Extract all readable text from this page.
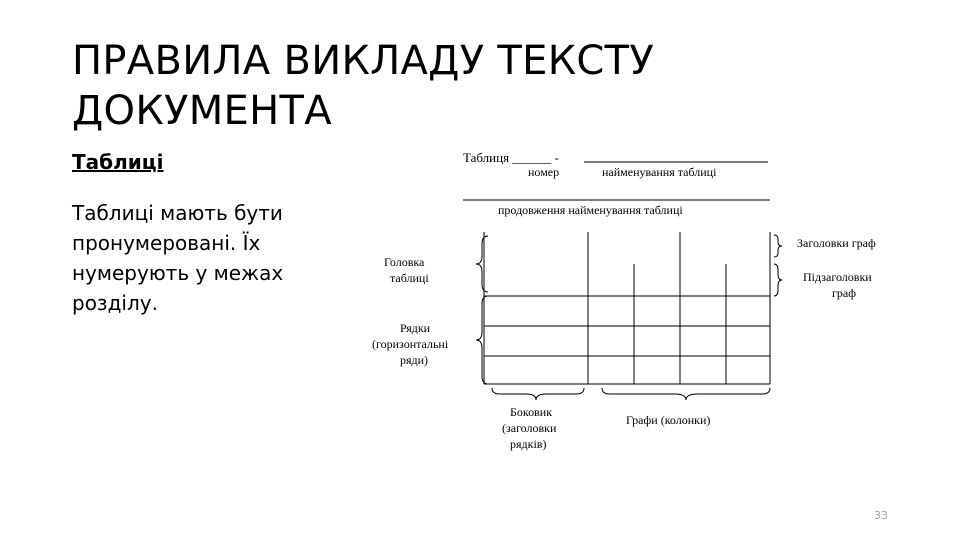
ПРАВИЛА ВИКЛАДУ ТЕКСТУ
ДОКУМЕНТА
Таблиці
Таблиці мають бути пронумеровані. Їх нумерують у межах розділу.
Таблиця ______ -
номер	найменування таблиці
продовження найменування таблиці
Головка
таблиці
Рядки
(горизонтальні
ряди)
Заголовки граф
Підзаголовки
граф
Боковик
(заголовки
рядків)
Графи (колонки)
33
